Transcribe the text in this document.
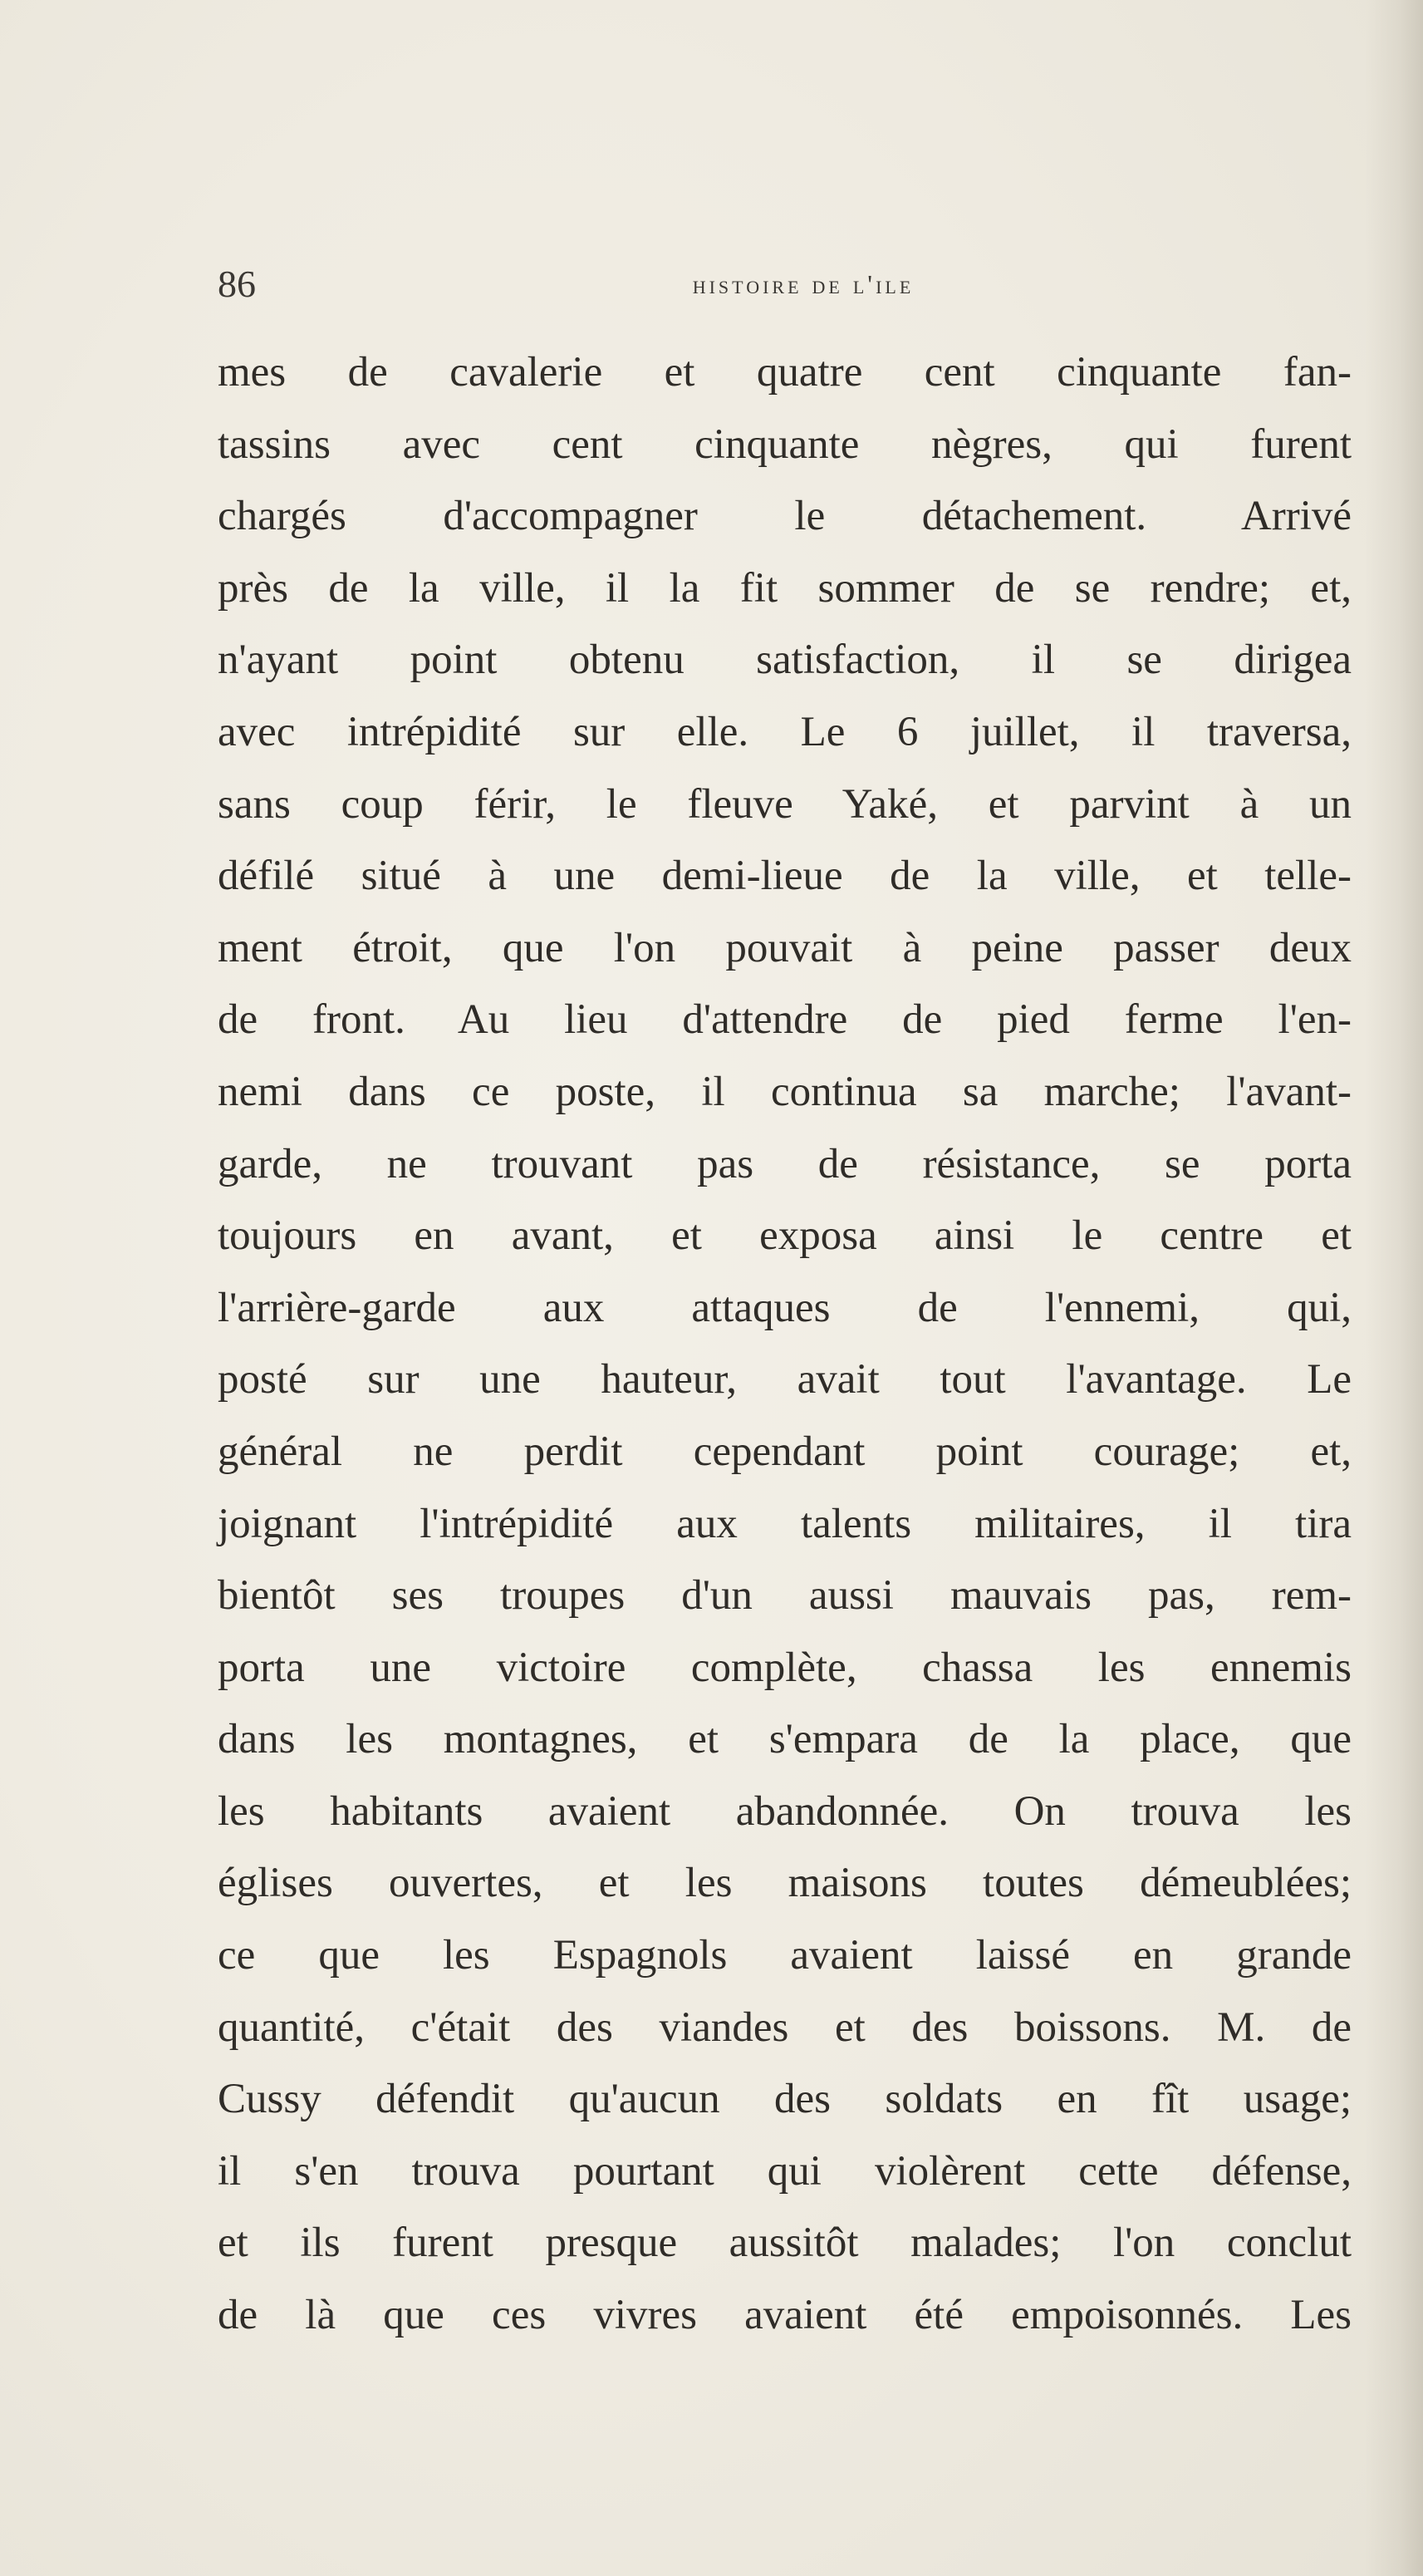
86	histoire de l'ile
mes de cavalerie et quatre cent cinquante fan-
tassins avec cent cinquante nègres, qui furent
chargés d'accompagner le détachement. Arrivé
près de la ville, il la fit sommer de se rendre; et,
n'ayant point obtenu satisfaction, il se dirigea
avec intrépidité sur elle. Le 6 juillet, il traversa,
sans coup férir, le fleuve Yaké, et parvint à un
défilé situé à une demi-lieue de la ville, et telle-
ment étroit, que l'on pouvait à peine passer deux
de front. Au lieu d'attendre de pied ferme l'en-
nemi dans ce poste, il continua sa marche; l'avant-
garde, ne trouvant pas de résistance, se porta
toujours en avant, et exposa ainsi le centre et
l'arrière-garde aux attaques de l'ennemi, qui,
posté sur une hauteur, avait tout l'avantage. Le
général ne perdit cependant point courage; et,
joignant l'intrépidité aux talents militaires, il tira
bientôt ses troupes d'un aussi mauvais pas, rem-
porta une victoire complète, chassa les ennemis
dans les montagnes, et s'empara de la place, que
les habitants avaient abandonnée. On trouva les
églises ouvertes, et les maisons toutes démeublées;
ce que les Espagnols avaient laissé en grande
quantité, c'était des viandes et des boissons. M. de
Cussy défendit qu'aucun des soldats en fît usage;
il s'en trouva pourtant qui violèrent cette défense,
et ils furent presque aussitôt malades; l'on conclut
de là que ces vivres avaient été empoisonnés. Les
